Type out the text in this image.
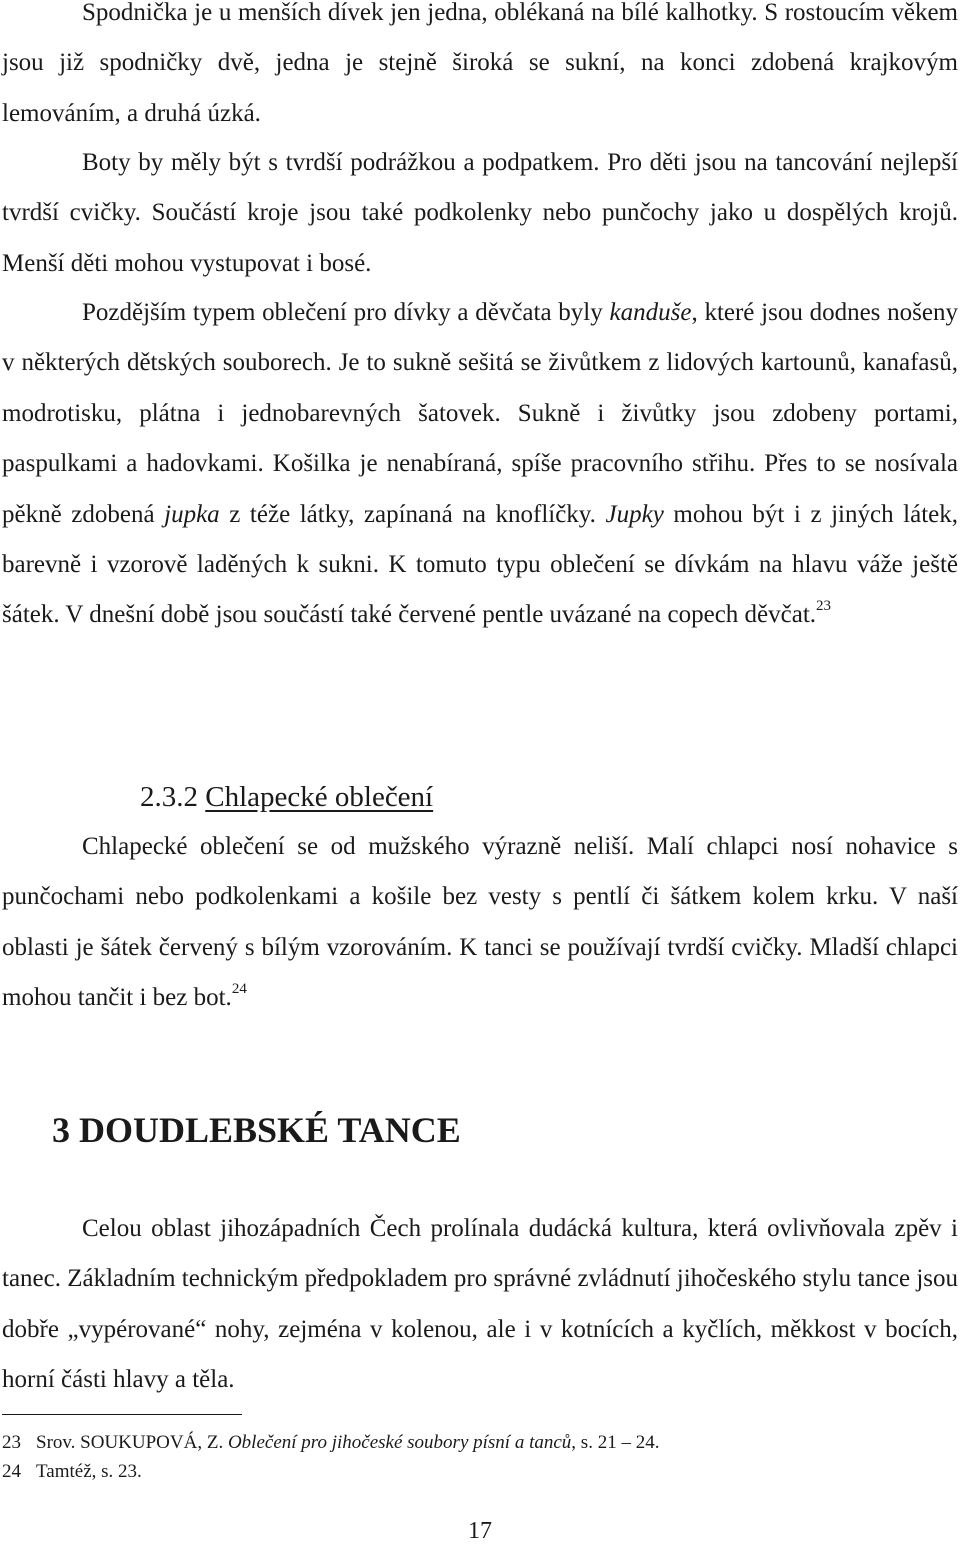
Spodnička je u menších dívek jen jedna, oblékaná na bílé kalhotky. S rostoucím věkem jsou již spodničky dvě, jedna je stejně široká se sukní, na konci zdobená krajkovým lemováním, a druhá úzká.

Boty by měly být s tvrdší podrážkou a podpatkem. Pro děti jsou na tancování nejlepší tvrdší cvičky. Součástí kroje jsou také podkolenky nebo punčochy jako u dospělých krojů. Menší děti mohou vystupovat i bosé.

Pozdějším typem oblečení pro dívky a děvčata byly kanduše, které jsou dodnes nošeny v některých dětských souborech. Je to sukně sešitá se živůtkem z lidových kartounů, kanafasů, modrotisku, plátna i jednobarevných šatovek. Sukně i živůtky jsou zdobeny portami, paspulkami a hadovkami. Košilka je nenabíraná, spíše pracovního střihu. Přes to se nosívala pěkně zdobená jupka z téže látky, zapínaná na knoflíčky. Jupky mohou být i z jiných látek, barevně i vzorově laděných k sukni. K tomuto typu oblečení se dívkám na hlavu váže ještě šátek. V dnešní době jsou součástí také červené pentle uvázané na copech děvčat.$^{23}$

2.3.2 Chlapecké oblečení

Chlapecké oblečení se od mužského výrazně neliší. Malí chlapci nosí nohavice s punčochami nebo podkolenkami a košile bez vesty s pentlí či šátkem kolem krku. V naší oblasti je šátek červený s bílým vzorováním. K tanci se používají tvrdší cvičky. Mladší chlapci mohou tančit i bez bot.$^{24}$

3 DOUDLEBSKÉ TANCE

Celou oblast jihozápadních Čech prolínala dudácká kultura, která ovlivňovala zpěv i tanec. Základním technickým předpokladem pro správné zvládnutí jihočeského stylu tance jsou dobře „vypérované“ nohy, zejména v kolenou, ale i v kotnících a kyčlích, měkkost v bocích, horní části hlavy a těla.

23 Srov. SOUKUPOVÁ, Z. Oblečení pro jihočeské soubory písní a tanců, s. 21 – 24.

24 Tamtéž, s. 23.

17
